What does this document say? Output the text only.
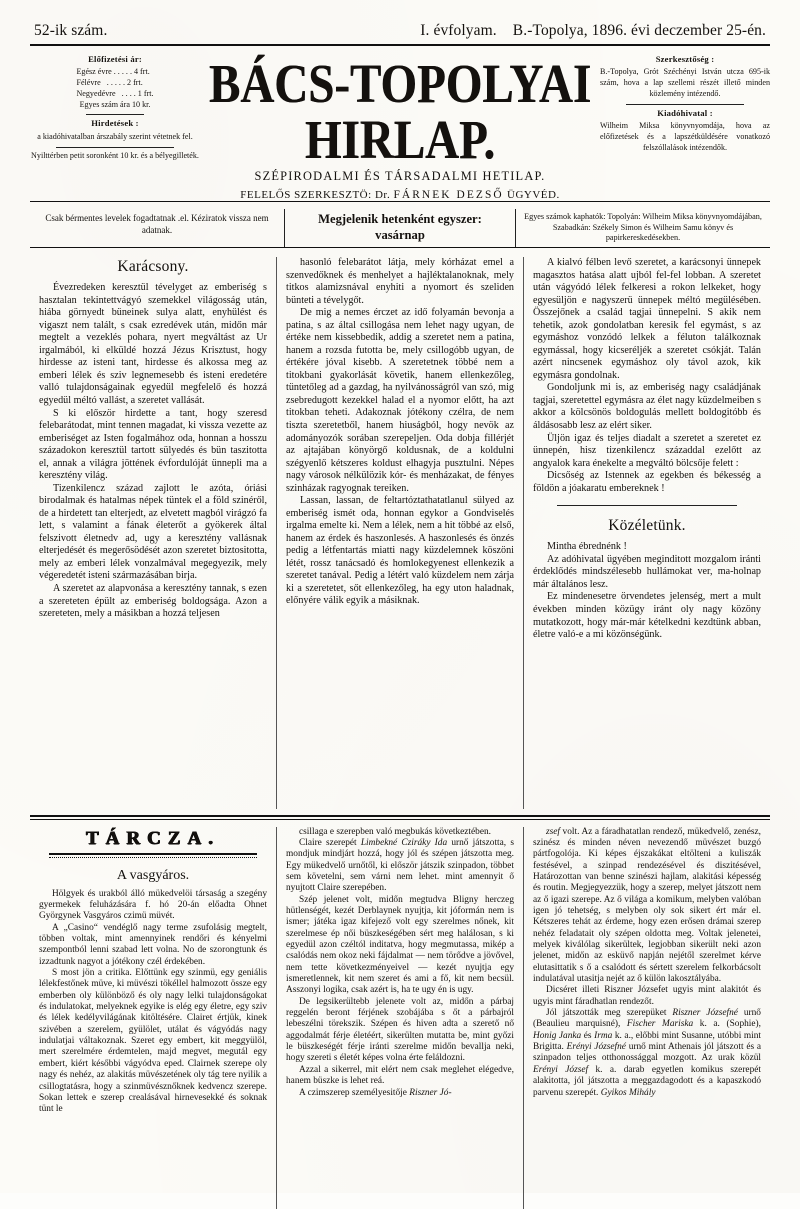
52-ik szám.	I. évfolyam. B.-Topolya, 1896. évi deczember 25-én.
Előfizetési ár:
Egész évre . . . . . 4 frt.
Félévre   . . . . . 2 frt.
Negyedévre   . . . . 1 frt.
Egyes szám ára 10 kr.
Hirdetések :

a kiadóhivatalban árszabály szerint vétetnek fel.

Nyilttérben petit soronként 10 kr. és a bélyegilleték.

BÁCS-TOPOLYAI HIRLAP.
SZÉPIRODALMI ÉS TÁRSADALMI HETILAP.
FELELŐS SZERKESZTÖ: Dr. FÁRNEK DEZSŐ ÜGYVÉD.
Szerkesztőség :

B.-Topolya, Grót Széchényi István utcza 695-ik szám, hova a lap szellemi részét illető minden közlemény intézendő.

Kiadóhivatal :

Wilheim Miksa könyvnyomdája, hova az előfizetések és a lapszétküldésére vonatkozó felszóllalások intézendők.

Csak bérmentes levelek fogadtatnak .el. Kéziratok vissza nem adatnak.
Megjelenik hetenként egyszer:
vasárnap
Egyes számok kaphatók: Topolyán: Wilheim Miksa könyvnyomdájában, Szabadkán: Székely Simon és Wilheim Samu könyv és papirkereskedésekben.
Karácsony.

Évezredeken keresztül tévelyget az emberiség s hasztalan tekintettvágyó szemekkel világosság után, hiába görnyedt büneinek sulya alatt, enyhülést és vigaszt nem talált, s csak ezredévek után, midőn már megtelt a vezeklés pohara, nyert megváltást az Ur irgalmából, ki elküldé hozzá Jézus Krisztust, hogy hirdesse az isteni tant, hirdesse és alkossa meg az emberi lélek és sziv legnemesebb és isteni eredetére valló tulajdonságainak egyedül megfelelő és hozzá egyedül méltó vallást, a szeretet vallását.

S ki először hirdette a tant, hogy szeresd felebarátodat, mint tennen magadat, ki vissza vezette az emberiséget az Isten fogalmához oda, honnan a hosszu századokon keresztül tartott sülyedés és bün taszitotta el, annak a világra jöttének évfordulóját ünnepli ma a keresztény világ.

Tizenkilencz század zajlott le azóta, óriási birodalmak és hatalmas népek tüntek el a föld szinéről, de a hirdetett tan elterjedt, az elvetett magból virágzó fa lett, s valamint a fának életerőt a gyökerek által felszivott életnedv ad, ugy a keresztény vallásnak elterjedését és megerősödését azon szeretet biztositotta, mely az emberi lélek vonzalmával megegyezik, mely végeredetét isteni származásában birja.

A szeretet az alapvonása a keresztény tannak, s ezen a szereteten épült az emberiség boldogsága. Azon a szereteten, mely a másikban a hozzá teljesen

hasonló felebarátot látja, mely kórházat emel a szenvedőknek és menhelyet a hajléktalanoknak, mely titkos alamizsnával enyhiti a nyomort és szeliden bünteti a tévelygőt.

De mig a nemes érczet az idő folyamán bevonja a patina, s az által csillogása nem lehet nagy ugyan, de értéke nem kissebbedik, addig a szeretet nem a patina, hanem a rozsda futotta be, mely csillogóbb ugyan, de értékére jóval kisebb. A szeretetnek többé nem a titokbani gyakorlását követik, hanem ellenkezőleg, tüntetőleg ad a gazdag, ha nyilvánosságról van szó, mig zsebredugott kezekkel halad el a nyomor előtt, ha azt titokban teheti. Adakoznak jótékony czélra, de nem tiszta szeretetből, hanem hiuságból, hogy nevök az adományozók sorában szerepeljen. Oda dobja fillérjét az ajtajában könyörgő koldusnak, de a koldulni szégyenlő kétszeres koldust elhagyja pusztulni. Népes nagy városok nélkülözik kór- és menházakat, de fényes szinházak ragyognak tereiken.

Lassan, lassan, de feltartóztathatatlanul sülyed az emberiség ismét oda, honnan egykor a Gondviselés irgalma emelte ki. Nem a lélek, nem a hit többé az első, hanem az érdek és haszonlesés. A haszonlesés és önzés pedig a létfentartás miatti nagy küzdelemnek köszöni létét, rossz tanácsadó és homlokegyenest ellenkezik a szeretet tanával. Pedig a létért való küzdelem nem zárja ki a szeretetet, sőt ellenkezőleg, ha egy uton haladnak, előnyére válik egyik a másiknak.

A kialvó félben levő szeretet, a karácsonyi ünnepek magasztos hatása alatt ujból fel-fel lobban. A szeretet után vágyódó lélek felkeresi a rokon lelkeket, hogy egyesüljön e nagyszerü ünnepek méltó megülésében. Összejőnek a család tagjai ünnepelni. S akik nem tehetik, azok gondolatban keresik fel egymást, s az egymáshoz vonzódó lelkek a féluton találkoznak egymással, hogy kicseréljék a szeretet csókját. Talán azért nincsenek egymáshoz oly távol azok, kik egymásra gondolnak.

Gondoljunk mi is, az emberiség nagy családjának tagjai, szeretettel egymásra az élet nagy küzdelmeiben s akkor a kölcsönös boldogulás mellett boldogitóbb és áldásosabb lesz az elért siker.

Üljön igaz és teljes diadalt a szeretet a szeretet ez ünnepén, hisz tizenkilencz századdal ezelőtt az angyalok kara énekelte a megváltó bölcsője felett :

Dicsőség az Istennek az egekben és békesség a földön a jóakaratu embereknek !

Közéletünk.

Mintha ébrednénk !

Az adóhivatal ügyében meginditott mozgalom iránti érdeklődés mindszélesebb hullámokat ver, ma-holnap már általános lesz.

Ez mindenesetre örvendetes jelenség, mert a mult években minden közügy iránt oly nagy közöny mutatkozott, hogy már-már kételkedni kezdtünk abban, életre való-e a mi közönségünk.

TÁRCZA.
A vasgyáros.

Hölgyek és urakból álló mükedvelöi társaság a szegény gyermekek feluházására f. hó 20-án előadta Ohnet Györgynek Vasgyáros czimü müvét.

A „Casino“ vendéglő nagy terme zsufolásig megtelt, többen voltak, mint amennyinek rendőri és kényelmi szempontból lenni szabad lett volna. No de szorongtunk és izzadtunk nagyot a jótékony czél érdekében.

S most jön a critika. Előttünk egy szinmü, egy geniális lélekfestőnek müve, ki müvészi tökéllel halmozott össze egy emberben oly különböző és oly nagy lelki tulajdonságokat és indulatokat, melyeknek egyike is elég egy életre, egy sziv és lélek kedélyvilágának kitöltésére. Clairet értjük, kinek szivében a szerelem, gyülölet, utálat és vágyódás nagy indulatjai váltakoznak. Szeret egy embert, kit meggyülöl, mert szerelmére érdemtelen, majd megvet, megutál egy embert, kiért későbbi vágyódva eped. Clairnek szerepe oly nagy és nehéz, az alakitás müvészetének oly tág tere nyilik a csillogtatásra, hogy a szinmüvésznőknek kedvencz szerepe. Sokan lettek e szerep crealásával hirnevesekké és soknak tünt le

csillaga e szerepben való megbukás következtében.

Claire szerepét Limbekné Cziráky Ida urnő játszotta, s mondjuk mindjárt hozzá, hogy jól és szépen játszotta meg. Egy mükedvelő urnőtől, ki először játszik szinpadon, többet sem követelni, sem várni nem lehet. mint amennyit ő nyujtott Claire szerepében.

Szép jelenet volt, midőn megtudva Bligny herczeg hütlenségét, kezét Derblaynek nyujtja, kit jóformán nem is ismer; játéka igaz kifejező volt egy szerelmes nőnek, kit szerelmese ép női büszkeségében sért meg halálosan, s ki egyedül azon czéltól inditatva, hogy megmutassa, mikép a csalódás nem okoz neki fájdalmat — nem törődve a jövővel, nem tette következményeivel — kezét nyujtja egy ismeretlennek, kit nem szeret és ami a fő, kit nem becsül. Asszonyi logika, csak azért is, ha te ugy én is ugy.

De legsikerültebb jelenete volt az, midőn a párbaj reggelén beront férjének szobájába s őt a párbajról lebeszélni törekszik. Szépen és hiven adta a szerető nő aggodalmát férje életéért, sikerülten mutatta be, mint győzi le büszkeségét férje iránti szerelme midőn bevallja neki, hogy szereti s életét képes volna érte feláldozni.

Azzal a sikerrel, mit elért nem csak meglehet elégedve, hanem büszke is lehet reá.

A czimszerep személyesitője Riszner Jó-

zsef volt. Az a fáradhatatlan rendező, mükedvelő, zenész, szinész és minden néven nevezendő müvészet buzgó pártfogolója. Ki képes éjszakákat eltölteni a kuliszák festésével, a szinpad rendezésével és diszitésével, Határozottan van benne szinészi hajlam, alakitási képesség és routin. Megjegyezzük, hogy a szerep, melyet játszott nem az ő igazi szerepe. Az ő világa a komikum, melyben valóban igen jó tehetség, s melyben oly sok sikert ért már el. Kétszeres tehát az érdeme, hogy ezen erősen drámai szerep nehéz feladatait oly szépen oldotta meg. Voltak jelenetei, melyek kiválólag sikerültek, legjobban sikerült neki azon jelenet, midőn az esküvő napján nejétől szerelmet kérve elutasittatik s ő a csalódott és sértett szerelem felkorbácsolt indulatával utasitja nejét az ő külön lakosztályába.

Dicséret illeti Riszner Józsefet ugyis mint alakitót és ugyis mint fáradhatlan rendezőt.

Jól játszották meg szerepüket Riszner Józsefné urnő (Beaulieu marquisné), Fischer Mariska k. a. (Sophie), Honig Janka és Irma k. a., előbbi mint Susanne, utóbbi mint Brigitta. Erényi Józsefné urnő mint Athenais jól játszott és a szinpadon teljes otthonossággal mozgott. Az urak közül Erényi József k. a. darab egyetlen komikus szerepét alakitotta, jól játszotta a meggazdagodott és a kapaszkodó parvenu szerepét. Gyikos Mihály
